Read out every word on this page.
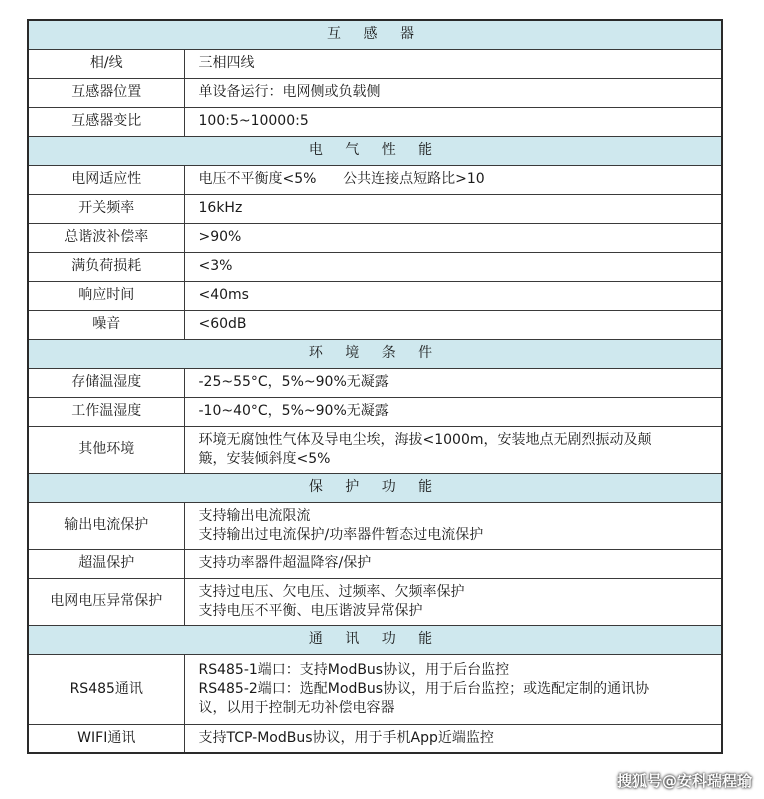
互 感 器	
相/线	三相四线
互感器位置	单设备运行：电网侧或负载侧
互感器变比	100:5~10000:5
电 气 性 能	
电网适应性	电压不平衡度<5%      公共连接点短路比>10
开关频率	16kHz
总谐波补偿率	>90%
满负荷损耗	<3%
响应时间	<40ms
噪音	<60dB
环 境 条 件	
存储温湿度	-25~55°C，5%~90%无凝露
工作温湿度	-10~40°C，5%~90%无凝露
其他环境	环境无腐蚀性气体及导电尘埃，海拔<1000m，安装地点无剧烈振动及颠
簸，安装倾斜度<5%

保 护 功 能	
输出电流保护	支持输出电流限流
支持输出过电流保护/功率器件暂态过电流保护

超温保护	支持功率器件超温降容/保护
电网电压异常保护	支持过电压、欠电压、过频率、欠频率保护
支持电压不平衡、电压谐波异常保护

通 讯 功 能	
RS485通讯	RS485-1端口：支持ModBus协议，用于后台监控
RS485-2端口：选配ModBus协议，用于后台监控；或选配定制的通讯协
议，以用于控制无功补偿电容器

WIFI通讯	支持TCP-ModBus协议，用于手机App近端监控
搜狐号@安科瑞程瑜
